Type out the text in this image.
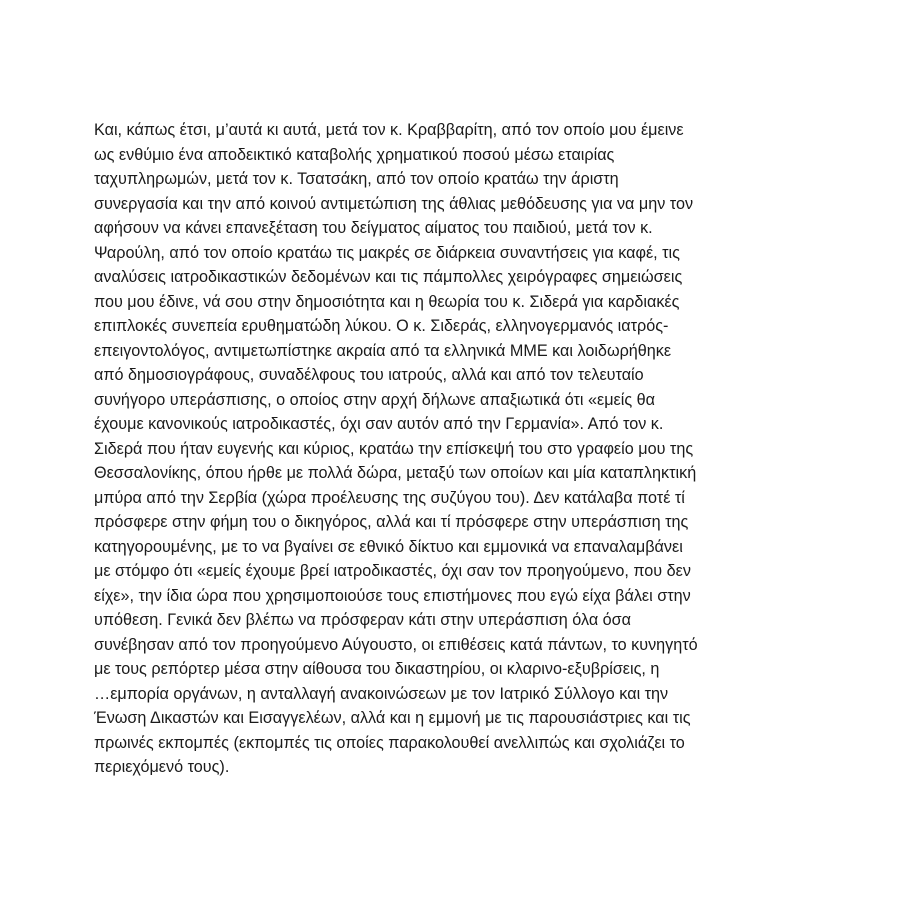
Και, κάπως έτσι, μ’αυτά κι αυτά, μετά τον κ. Κραββαρίτη, από τον οποίο μου έμεινε
ως ενθύμιο ένα αποδεικτικό καταβολής χρηματικού ποσού μέσω εταιρίας
ταχυπληρωμών, μετά τον κ. Τσατσάκη, από τον οποίο κρατάω την άριστη
συνεργασία και την από κοινού αντιμετώπιση της άθλιας μεθόδευσης για να μην τον
αφήσουν να κάνει επανεξέταση του δείγματος αίματος του παιδιού, μετά τον κ.
Ψαρούλη, από τον οποίο κρατάω τις μακρές σε διάρκεια συναντήσεις για καφέ, τις
αναλύσεις ιατροδικαστικών δεδομένων και τις πάμπολλες χειρόγραφες σημειώσεις
που μου έδινε, νά σου στην δημοσιότητα και η θεωρία του κ. Σιδερά για καρδιακές
επιπλοκές συνεπεία ερυθηματώδη λύκου. Ο κ. Σιδεράς, ελληνογερμανός ιατρός-
επειγοντολόγος, αντιμετωπίστηκε ακραία από τα ελληνικά ΜΜΕ και λοιδωρήθηκε
από δημοσιογράφους, συναδέλφους του ιατρούς, αλλά και από τον τελευταίο
συνήγορο υπεράσπισης, ο οποίος στην αρχή δήλωνε απαξιωτικά ότι «εμείς θα
έχουμε κανονικούς ιατροδικαστές, όχι σαν αυτόν από την Γερμανία». Από τον κ.
Σιδερά που ήταν ευγενής και κύριος, κρατάω την επίσκεψή του στο γραφείο μου της
Θεσσαλονίκης, όπου ήρθε με πολλά δώρα, μεταξύ των οποίων και μία καταπληκτική
μπύρα από την Σερβία (χώρα προέλευσης της συζύγου του). Δεν κατάλαβα ποτέ τί
πρόσφερε στην φήμη του ο δικηγόρος, αλλά και τί πρόσφερε στην υπεράσπιση της
κατηγορουμένης, με το να βγαίνει σε εθνικό δίκτυο και εμμονικά να επαναλαμβάνει
με στόμφο ότι «εμείς έχουμε βρεί ιατροδικαστές, όχι σαν τον προηγούμενο, που δεν
είχε», την ίδια ώρα που χρησιμοποιούσε τους επιστήμονες που εγώ είχα βάλει στην
υπόθεση. Γενικά δεν βλέπω να πρόσφεραν κάτι στην υπεράσπιση όλα όσα
συνέβησαν από τον προηγούμενο Αύγουστο, οι επιθέσεις κατά πάντων, το κυνηγητό
με τους ρεπόρτερ μέσα στην αίθουσα του δικαστηρίου, οι κλαρινο-εξυβρίσεις, η
…εμπορία οργάνων, η ανταλλαγή ανακοινώσεων με τον Ιατρικό Σύλλογο και την
Ένωση Δικαστών και Εισαγγελέων, αλλά και η εμμονή με τις παρουσιάστριες και τις
πρωινές εκπομπές (εκπομπές τις οποίες παρακολουθεί ανελλιπώς και σχολιάζει το
περιεχόμενό τους).
